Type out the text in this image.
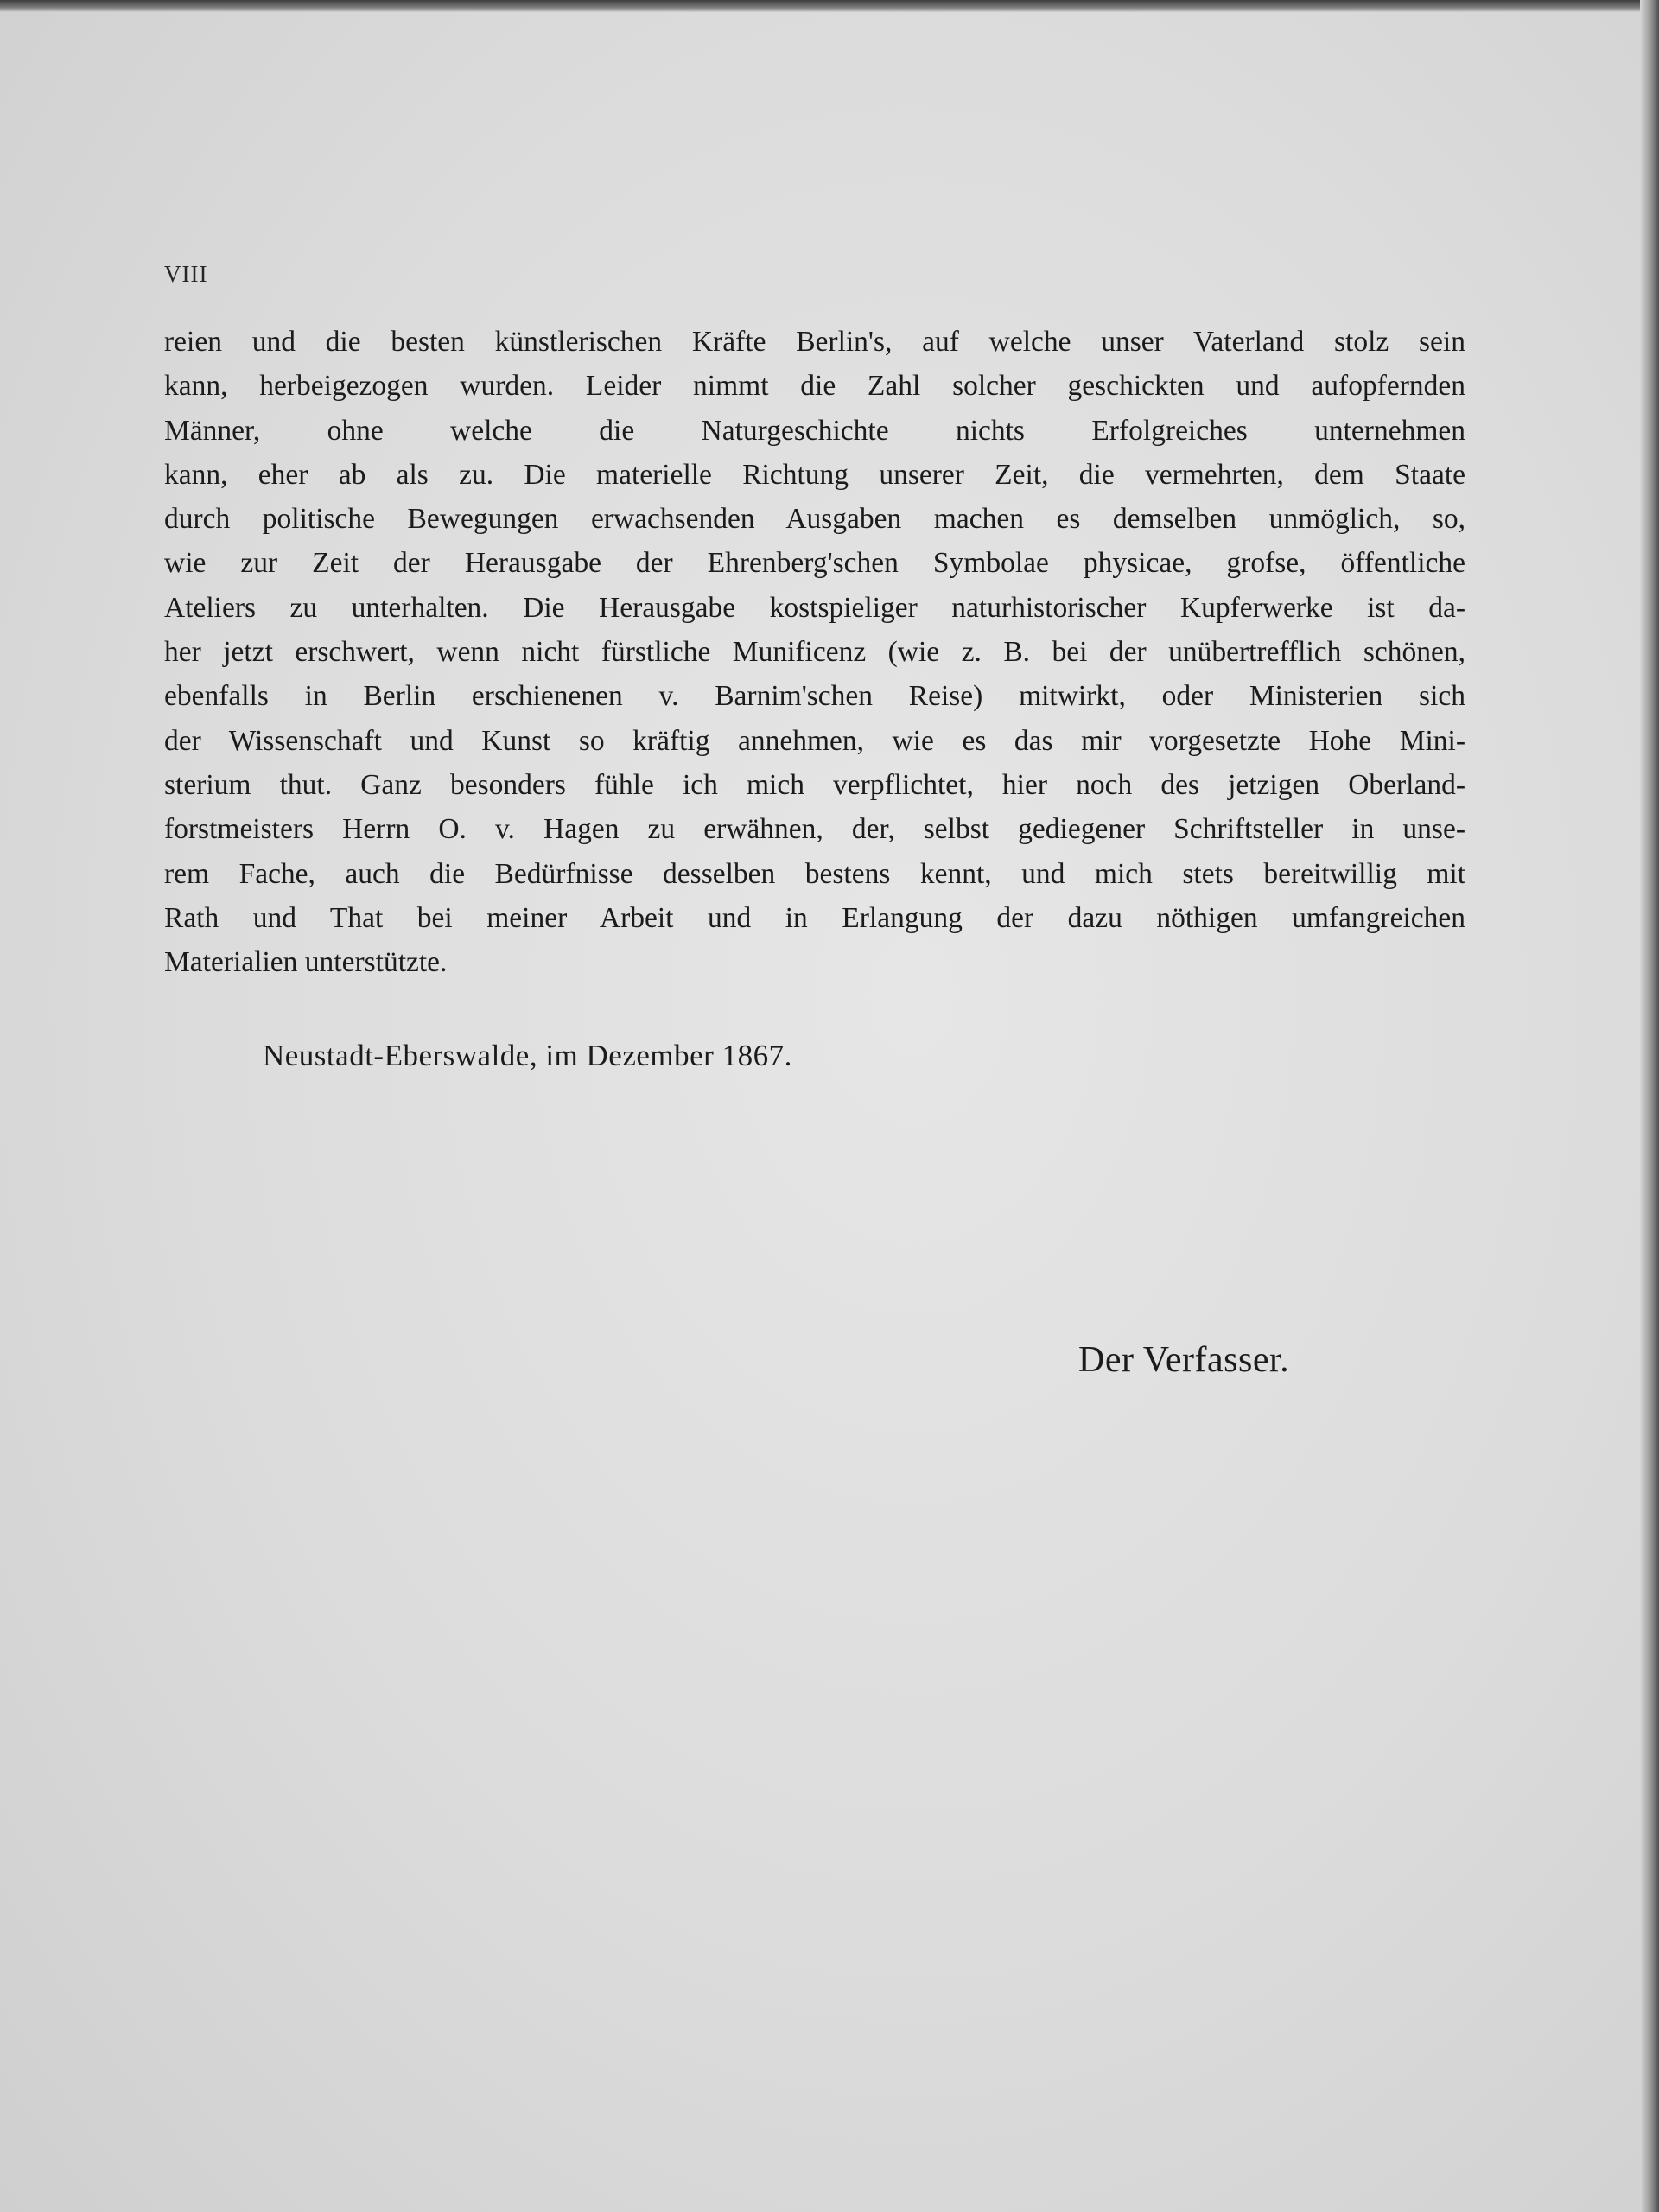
VIII
reien und die besten künstlerischen Kräfte Berlin's, auf welche unser Vaterland stolz sein
kann, herbeigezogen wurden. Leider nimmt die Zahl solcher geschickten und aufopfernden
Männer, ohne welche die Naturgeschichte nichts Erfolgreiches unternehmen
kann, eher ab als zu. Die materielle Richtung unserer Zeit, die vermehrten, dem Staate
durch politische Bewegungen erwachsenden Ausgaben machen es demselben unmöglich, so,
wie zur Zeit der Herausgabe der Ehrenberg'schen Symbolae physicae, grofse, öffentliche
Ateliers zu unterhalten. Die Herausgabe kostspieliger naturhistorischer Kupferwerke ist da-
her jetzt erschwert, wenn nicht fürstliche Munificenz (wie z. B. bei der unübertrefflich schönen,
ebenfalls in Berlin erschienenen v. Barnim'schen Reise) mitwirkt, oder Ministerien sich
der Wissenschaft und Kunst so kräftig annehmen, wie es das mir vorgesetzte Hohe Mini-
sterium thut. Ganz besonders fühle ich mich verpflichtet, hier noch des jetzigen Oberland-
forstmeisters Herrn O. v. Hagen zu erwähnen, der, selbst gediegener Schriftsteller in unse-
rem Fache, auch die Bedürfnisse desselben bestens kennt, und mich stets bereitwillig mit
Rath und That bei meiner Arbeit und in Erlangung der dazu nöthigen umfangreichen
Materialien unterstützte.
Neustadt-Eberswalde, im Dezember 1867.
Der Verfasser.
